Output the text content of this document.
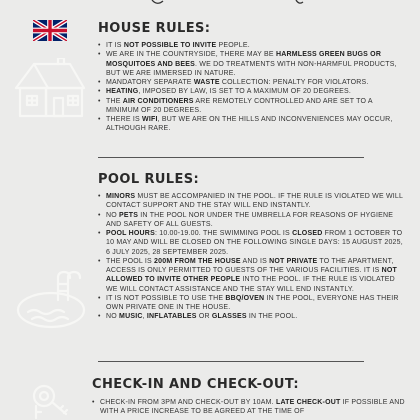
HOUSE RULES:
• IT IS NOT POSSIBLE TO INVITE PEOPLE.
• WE ARE IN THE COUNTRYSIDE, THERE MAY BE HARMLESS GREEN BUGS OR MOSQUITOES AND BEES. WE DO TREATMENTS WITH NON-HARMFUL PRODUCTS, BUT WE ARE IMMERSED IN NATURE.
• MANDATORY SEPARATE WASTE COLLECTION: PENALTY FOR VIOLATORS.
• HEATING, IMPOSED BY LAW, IS SET TO A MAXIMUM OF 20 DEGREES.
• THE AIR CONDITIONERS ARE REMOTELY CONTROLLED AND ARE SET TO A MINIMUM OF 20 DEGREES.
• THERE IS WIFI, BUT WE ARE ON THE HILLS AND INCONVENIENCES MAY OCCUR, ALTHOUGH RARE.
POOL RULES:
• MINORS MUST BE ACCOMPANIED IN THE POOL. IF THE RULE IS VIOLATED WE WILL CONTACT SUPPORT AND THE STAY WILL END INSTANTLY.
• NO PETS IN THE POOL NOR UNDER THE UMBRELLA FOR REASONS OF HYGIENE AND SAFETY OF ALL GUESTS.
• POOL HOURS: 10.00-19.00. THE SWIMMING POOL IS CLOSED FROM 1 OCTOBER TO 10 MAY AND WILL BE CLOSED ON THE FOLLOWING SINGLE DAYS: 15 AUGUST 2025, 6 JULY 2025, 28 SEPTEMBER 2025.
• THE POOL IS 200M FROM THE HOUSE AND IS NOT PRIVATE TO THE APARTMENT, ACCESS IS ONLY PERMITTED TO GUESTS OF THE VARIOUS FACILITIES. IT IS NOT ALLOWED TO INVITE OTHER PEOPLE INTO THE POOL. IF THE RULE IS VIOLATED WE WILL CONTACT ASSISTANCE AND THE STAY WILL END INSTANTLY.
• IT IS NOT POSSIBLE TO USE THE BBQ/OVEN IN THE POOL, EVERYONE HAS THEIR OWN PRIVATE ONE IN THE HOUSE.
• NO MUSIC, INFLATABLES OR GLASSES IN THE POOL.
CHECK-IN AND CHECK-OUT:
• CHECK-IN FROM 3PM AND CHECK-OUT BY 10AM. LATE CHECK-OUT IF POSSIBLE AND WITH A PRICE INCREASE TO BE AGREED AT THE TIME OF
